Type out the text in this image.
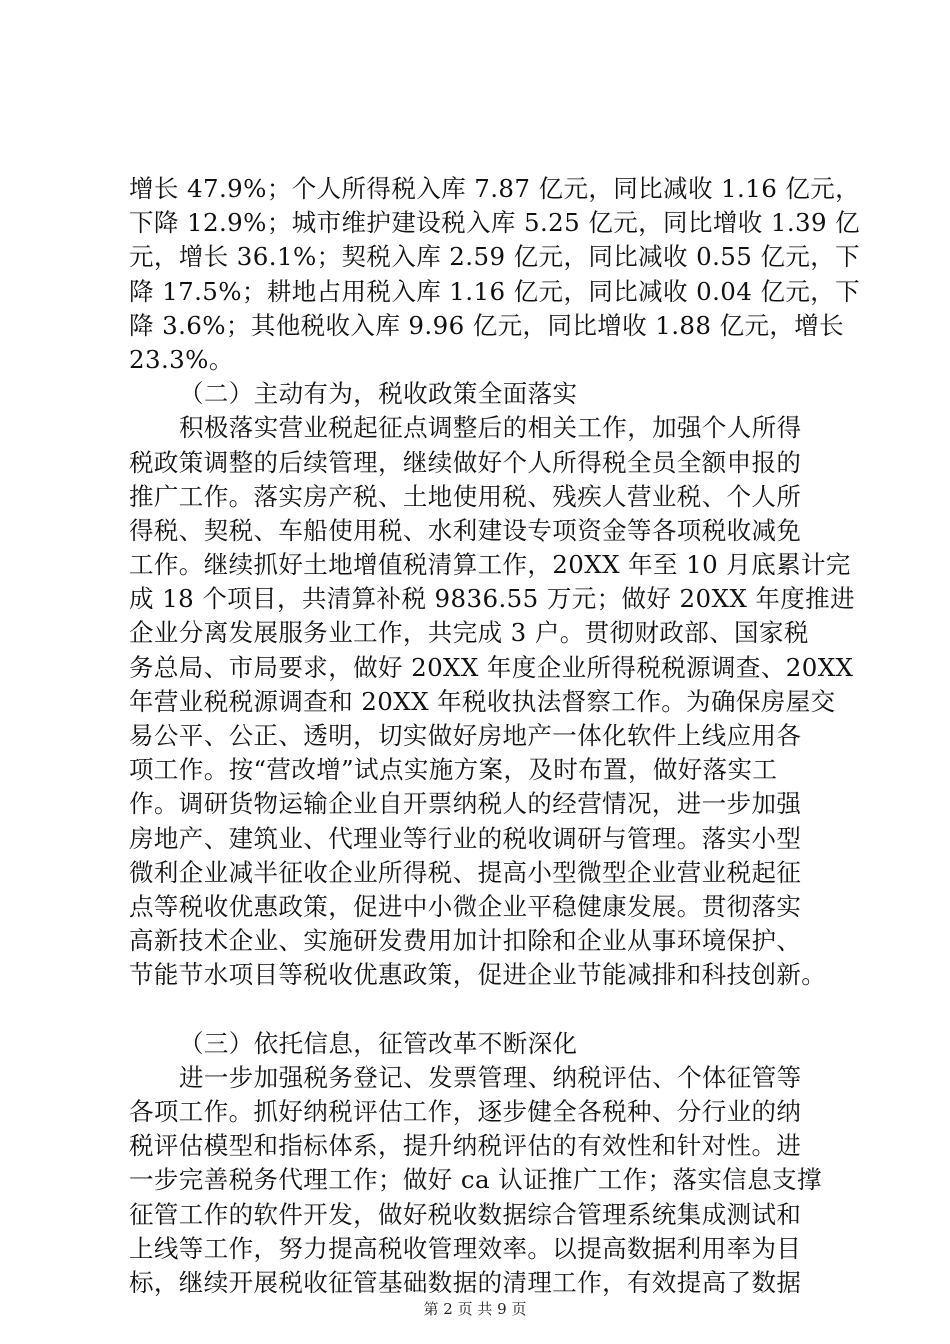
增长 47.9%；个人所得税入库 7.87 亿元，同比减收 1.16 亿元，
下降 12.9%；城市维护建设税入库 5.25 亿元，同比增收 1.39 亿
元，增长 36.1%；契税入库 2.59 亿元，同比减收 0.55 亿元，下
降 17.5%；耕地占用税入库 1.16 亿元，同比减收 0.04 亿元，下
降 3.6%；其他税收入库 9.96 亿元，同比增收 1.88 亿元，增长
23.3%。
（二）主动有为，税收政策全面落实
积极落实营业税起征点调整后的相关工作，加强个人所得
税政策调整的后续管理，继续做好个人所得税全员全额申报的
推广工作。落实房产税、土地使用税、残疾人营业税、个人所
得税、契税、车船使用税、水利建设专项资金等各项税收减免
工作。继续抓好土地增值税清算工作，20XX 年至 10 月底累计完
成 18 个项目，共清算补税 9836.55 万元；做好 20XX 年度推进
企业分离发展服务业工作，共完成 3 户。贯彻财政部、国家税
务总局、市局要求，做好 20XX 年度企业所得税税源调查、20XX
年营业税税源调查和 20XX 年税收执法督察工作。为确保房屋交
易公平、公正、透明，切实做好房地产一体化软件上线应用各
项工作。按“营改增”试点实施方案，及时布置，做好落实工
作。调研货物运输企业自开票纳税人的经营情况，进一步加强
房地产、建筑业、代理业等行业的税收调研与管理。落实小型
微利企业减半征收企业所得税、提高小型微型企业营业税起征
点等税收优惠政策，促进中小微企业平稳健康发展。贯彻落实
高新技术企业、实施研发费用加计扣除和企业从事环境保护、
节能节水项目等税收优惠政策，促进企业节能减排和科技创新。
（三）依托信息，征管改革不断深化
进一步加强税务登记、发票管理、纳税评估、个体征管等
各项工作。抓好纳税评估工作，逐步健全各税种、分行业的纳
税评估模型和指标体系，提升纳税评估的有效性和针对性。进
一步完善税务代理工作；做好 ca 认证推广工作；落实信息支撑
征管工作的软件开发，做好税收数据综合管理系统集成测试和
上线等工作，努力提高税收管理效率。以提高数据利用率为目
标，继续开展税收征管基础数据的清理工作，有效提高了数据
第 2 页 共 9 页
